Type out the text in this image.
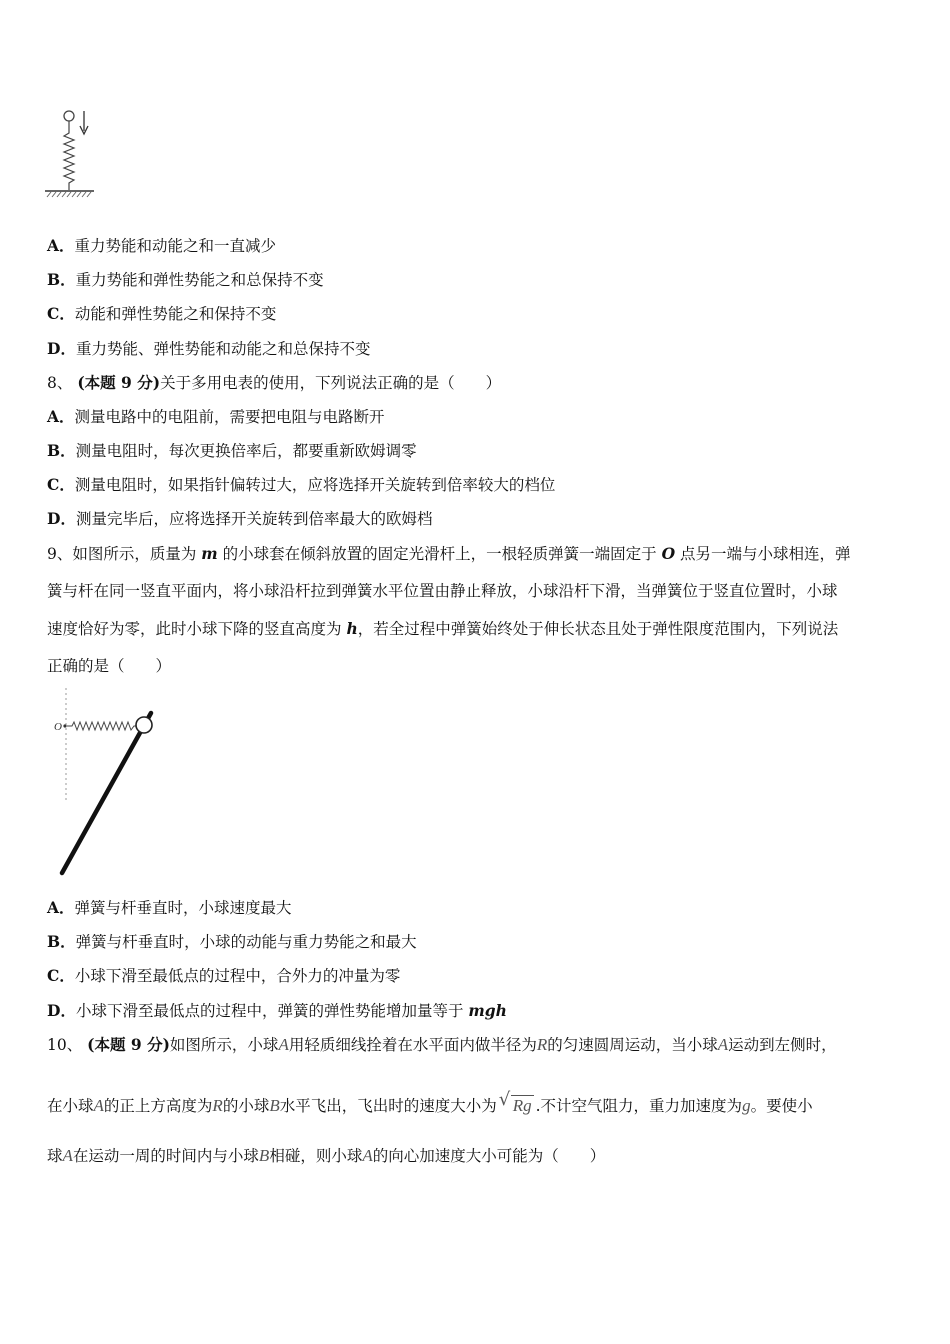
A．重力势能和动能之和一直减少
B．重力势能和弹性势能之和总保持不变
C．动能和弹性势能之和保持不变
D．重力势能、弹性势能和动能之和总保持不变
8、 (本题 9 分)关于多用电表的使用，下列说法正确的是（　　）
A．测量电路中的电阻前，需要把电阻与电路断开
B．测量电阻时，每次更换倍率后，都要重新欧姆调零
C．测量电阻时，如果指针偏转过大，应将选择开关旋转到倍率较大的档位
D．测量完毕后，应将选择开关旋转到倍率最大的欧姆档
9、如图所示，质量为 m 的小球套在倾斜放置的固定光滑杆上，一根轻质弹簧一端固定于 O 点另一端与小球相连，弹
簧与杆在同一竖直平面内，将小球沿杆拉到弹簧水平位置由静止释放，小球沿杆下滑，当弹簧位于竖直位置时，小球
速度恰好为零，此时小球下降的竖直高度为 h，若全过程中弹簧始终处于伸长状态且处于弹性限度范围内，下列说法
正确的是（　　）
O
A．弹簧与杆垂直时，小球速度最大
B．弹簧与杆垂直时，小球的动能与重力势能之和最大
C．小球下滑至最低点的过程中，合外力的冲量为零
D．小球下滑至最低点的过程中，弹簧的弹性势能增加量等于 mgh
10、 (本题 9 分)如图所示，小球A用轻质细线拴着在水平面内做半径为R的匀速圆周运动，当小球A运动到左侧时，
在小球A的正上方高度为R的小球B水平飞出，飞出时的速度大小为 √ Rg .不计空气阻力，重力加速度为g。要使小
球A在运动一周的时间内与小球B相碰，则小球A的向心加速度大小可能为（　　）
